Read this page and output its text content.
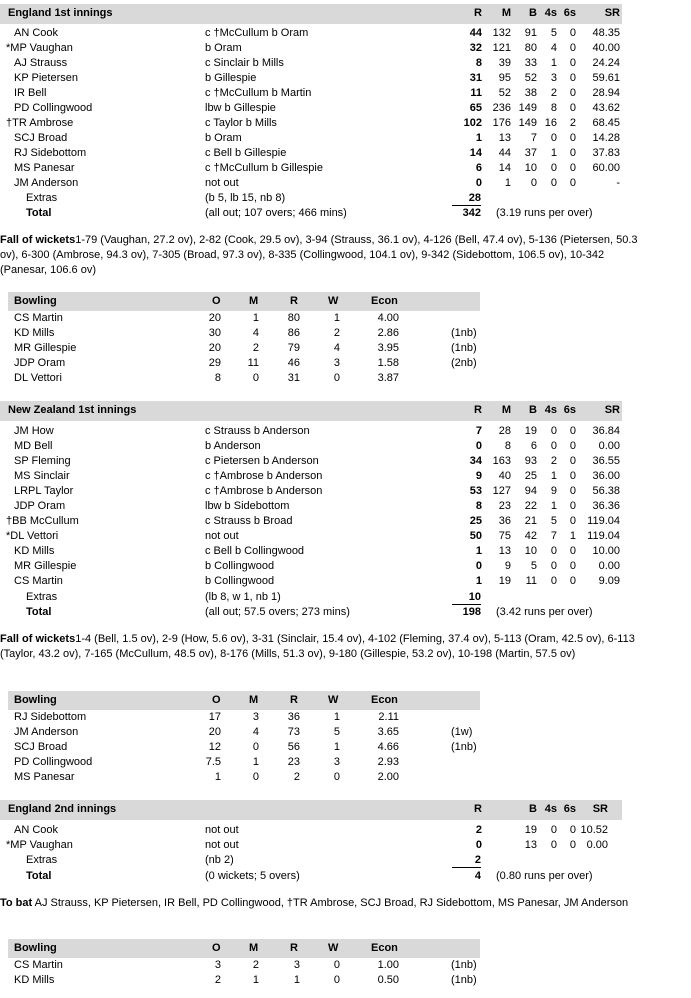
England 1st innings	R M B 4s 6s	SR
AN Cook	c †McCullum b Oram	44 132 91 5 0 48.35
*MP Vaughan	b Oram	32 121 80 4 0 40.00
AJ Strauss	c Sinclair b Mills	8 39 33 1 0 24.24
KP Pietersen	b Gillespie	31 95 52 3 0 59.61
IR Bell	c †McCullum b Martin	11 52 38 2 0 28.94
PD Collingwood	lbw b Gillespie	65 236 149 8 0 43.62
†TR Ambrose	c Taylor b Mills	102 176 149 16 2 68.45
SCJ Broad	b Oram	1 13 7 0 0 14.28
RJ Sidebottom	c Bell b Gillespie	14 44 37 1 0 37.83
MS Panesar	c †McCullum b Gillespie	6 14 10 0 0 60.00
JM Anderson	not out	0 1 0 0 0	-
Extras	(b 5, lb 15, nb 8)	28
Total	(all out; 107 overs; 466 mins)	342 (3.19 runs per over)
Fall of wickets1-79 (Vaughan, 27.2 ov), 2-82 (Cook, 29.5 ov), 3-94 (Strauss, 36.1 ov), 4-126 (Bell, 47.4 ov), 5-136 (Pietersen, 50.3 ov), 6-300 (Ambrose, 94.3 ov), 7-305 (Broad, 97.3 ov), 8-335 (Collingwood, 104.1 ov), 9-342 (Sidebottom, 106.5 ov), 10-342 (Panesar, 106.6 ov)
Bowling	O	M	R	W	Econ
CS Martin	20	1	80	1	4.00
KD Mills	30	4	86	2	2.86	(1nb)
MR Gillespie	20	2	79	4	3.95	(1nb)
JDP Oram	29	11	46	3	1.58	(2nb)
DL Vettori	8	0	31	0	3.87
New Zealand 1st innings	R M B 4s 6s	SR
JM How	c Strauss b Anderson	7 28 19 0 0 36.84
MD Bell	b Anderson	0 8 6 0 0 0.00
SP Fleming	c Pietersen b Anderson	34 163 93 2 0 36.55
MS Sinclair	c †Ambrose b Anderson	9 40 25 1 0 36.00
LRPL Taylor	c †Ambrose b Anderson	53 127 94 9 0 56.38
JDP Oram	lbw b Sidebottom	8 23 22 1 0 36.36
†BB McCullum	c Strauss b Broad	25 36 21 5 0 119.04
*DL Vettori	not out	50 75 42 7 1 119.04
KD Mills	c Bell b Collingwood	1 13 10 0 0 10.00
MR Gillespie	b Collingwood	0 9 5 0 0 0.00
CS Martin	b Collingwood	1 19 11 0 0 9.09
Extras	(lb 8, w 1, nb 1)	10
Total	(all out; 57.5 overs; 273 mins)	198 (3.42 runs per over)
Fall of wickets1-4 (Bell, 1.5 ov), 2-9 (How, 5.6 ov), 3-31 (Sinclair, 15.4 ov), 4-102 (Fleming, 37.4 ov), 5-113 (Oram, 42.5 ov), 6-113 (Taylor, 43.2 ov), 7-165 (McCullum, 48.5 ov), 8-176 (Mills, 51.3 ov), 9-180 (Gillespie, 53.2 ov), 10-198 (Martin, 57.5 ov)
Bowling	O	M	R	W	Econ
RJ Sidebottom	17	3	36	1	2.11
JM Anderson	20	4	73	5	3.65	(1w)
SCJ Broad	12	0	56	1	4.66	(1nb)
PD Collingwood	7.5	1	23	3	2.93
MS Panesar	1	0	2	0	2.00
England 2nd innings	R	B 4s 6s SR
AN Cook	not out	2	19 0 0 10.52
*MP Vaughan	not out	0	13 0 0 0.00
Extras	(nb 2)	2
Total	(0 wickets; 5 overs)	4 (0.80 runs per over)
To bat AJ Strauss, KP Pietersen, IR Bell, PD Collingwood, †TR Ambrose, SCJ Broad, RJ Sidebottom, MS Panesar, JM Anderson
Bowling	O	M	R	W	Econ
CS Martin	3	2	3	0	1.00	(1nb)
KD Mills	2	1	1	0	0.50	(1nb)
